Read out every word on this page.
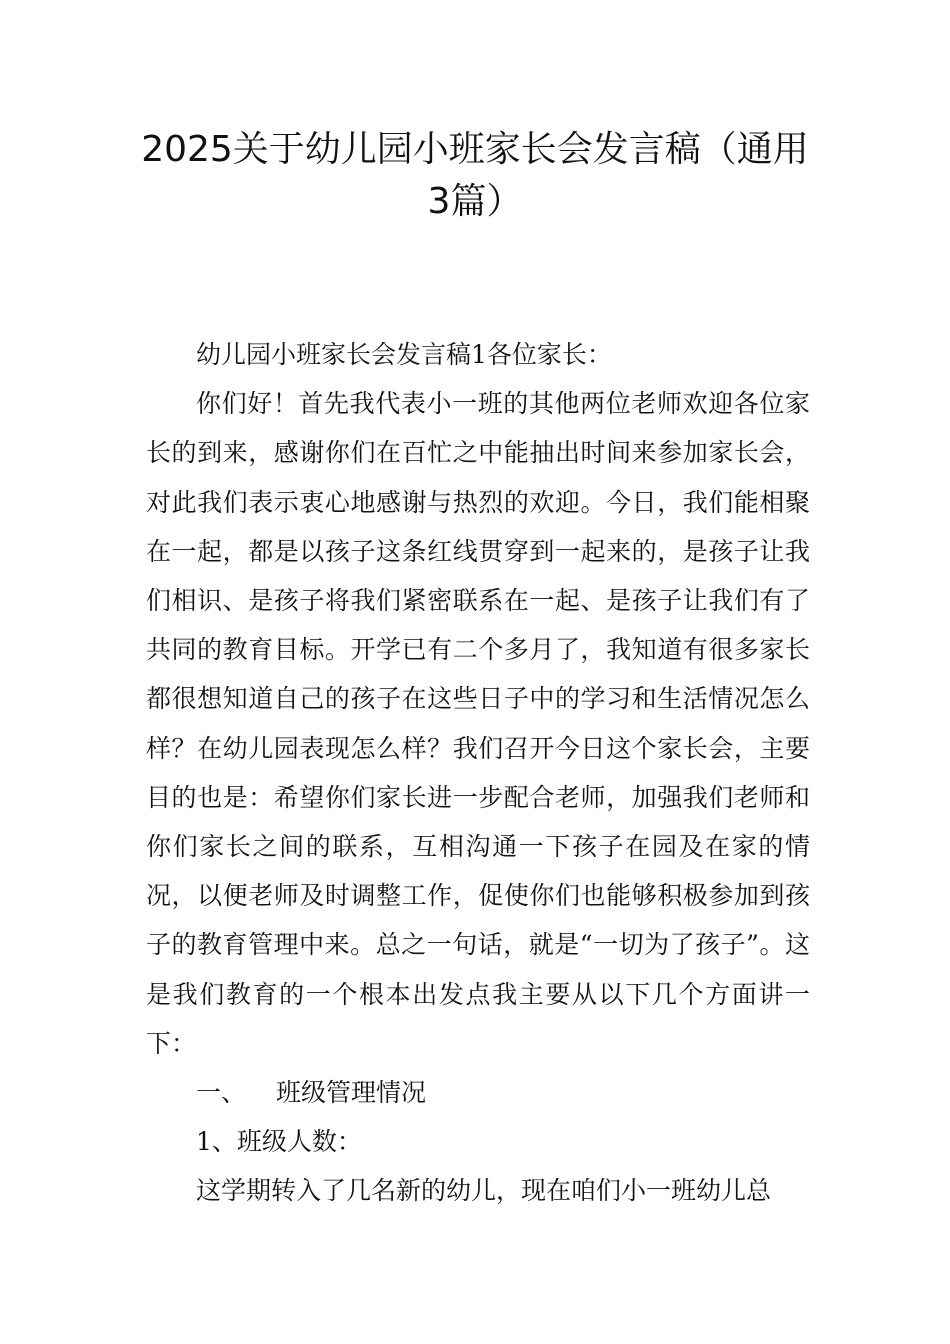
2025关于幼儿园小班家长会发言稿（通用
3篇）

幼儿园小班家长会发言稿1各位家长：

你们好！首先我代表小一班的其他两位老师欢迎各位家长的到来，感谢你们在百忙之中能抽出时间来参加家长会，对此我们表示衷心地感谢与热烈的欢迎。今日，我们能相聚在一起，都是以孩子这条红线贯穿到一起来的，是孩子让我们相识、是孩子将我们紧密联系在一起、是孩子让我们有了共同的教育目标。开学已有二个多月了，我知道有很多家长都很想知道自己的孩子在这些日子中的学习和生活情况怎么样？在幼儿园表现怎么样？我们召开今日这个家长会，主要目的也是：希望你们家长进一步配合老师，加强我们老师和你们家长之间的联系，互相沟通一下孩子在园及在家的情况，以便老师及时调整工作，促使你们也能够积极参加到孩子的教育管理中来。总之一句话，就是“一切为了孩子”。这是我们教育的一个根本出发点我主要从以下几个方面讲一下：

一、 班级管理情况

1、班级人数：

这学期转入了几名新的幼儿，现在咱们小一班幼儿总
